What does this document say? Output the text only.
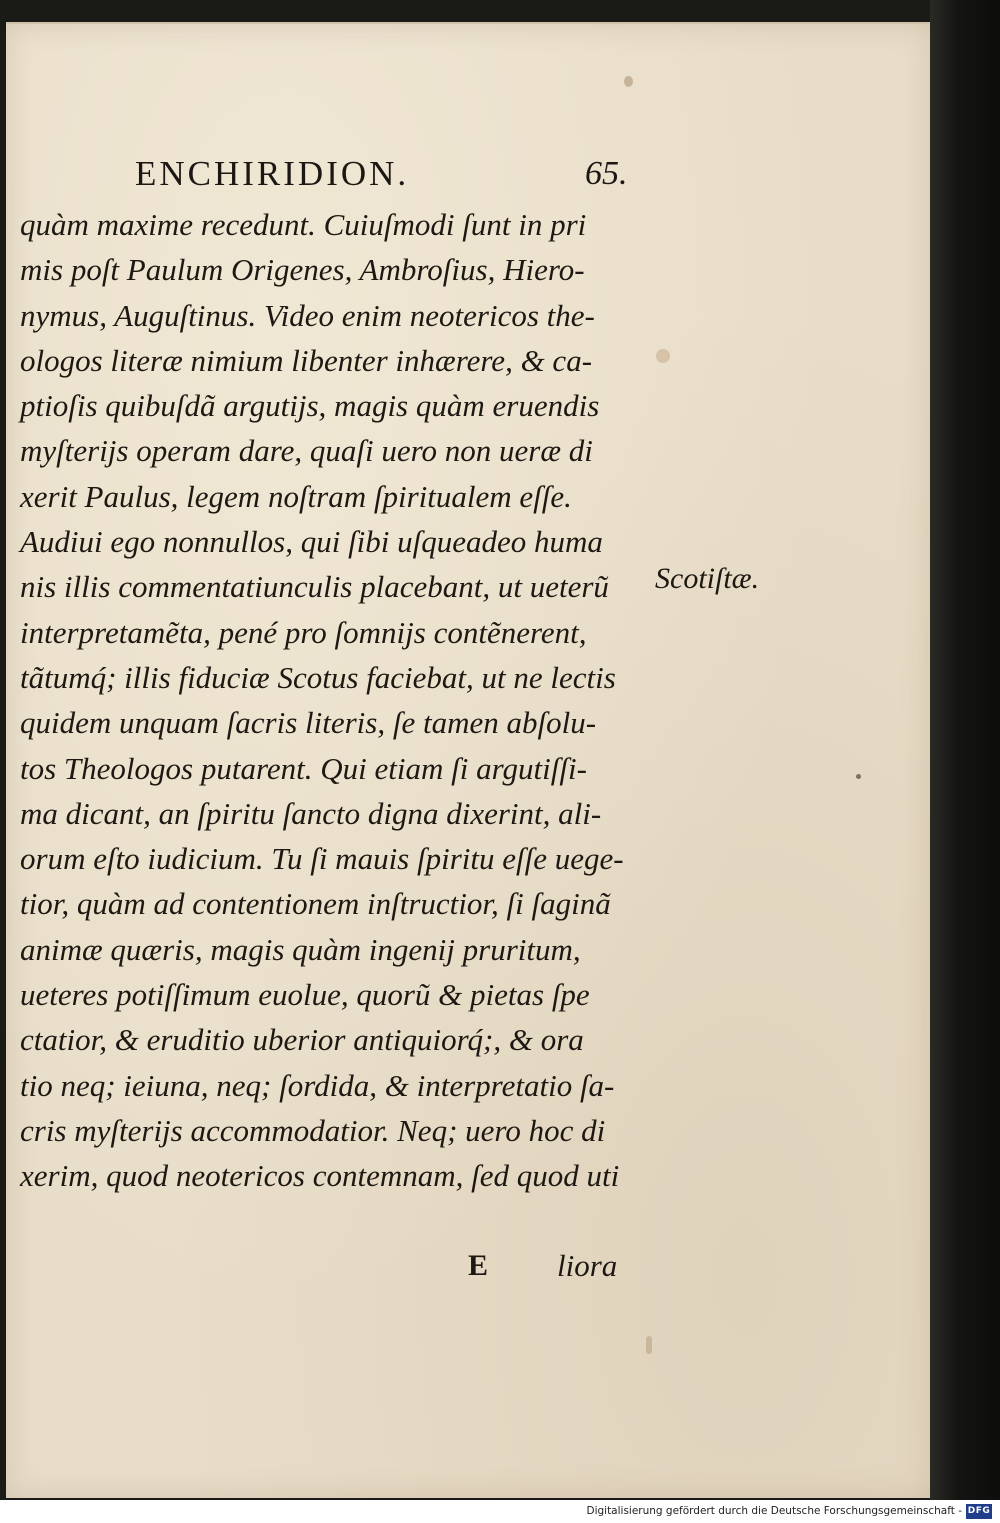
ENCHIRIDION.	65.
quàm maxime recedunt. Cuiuſmodi ſunt in pri
mis poſt Paulum Origenes, Ambroſius, Hiero-
nymus, Auguſtinus. Video enim neotericos the-
ologos literæ nimium libenter inhærere, & ca-
ptioſis quibuſdã argutijs, magis quàm eruendis
myſterijs operam dare, quaſi uero non ueræ di
xerit Paulus, legem noſtram ſpiritualem eſſe.
Audiui ego nonnullos, qui ſibi uſqueadeo huma
nis illis commentatiunculis placebant, ut ueterũ
interpretamẽta, pené pro ſomnijs contẽnerent,
tãtumq́; illis fiduciæ Scotus faciebat, ut ne lectis
quidem unquam ſacris literis, ſe tamen abſolu-
tos Theologos putarent. Qui etiam ſi argutiſſi-
ma dicant, an ſpiritu ſancto digna dixerint, ali-
orum eſto iudicium. Tu ſi mauis ſpiritu eſſe uege-
tior, quàm ad contentionem inſtructior, ſi ſaginã
animæ quæris, magis quàm ingenij pruritum,
ueteres potiſſimum euolue, quorũ & pietas ſpe
ctatior, & eruditio uberior antiquiorq́;, & ora
tio neq; ieiuna, neq; ſordida, & interpretatio ſa-
cris myſterijs accommodatior. Neq; uero hoc di
xerim, quod neotericos contemnam, ſed quod uti
Scotiſtæ.
E liora
Digitalisierung gefördert durch die Deutsche Forschungsgemeinschaft - DFG
